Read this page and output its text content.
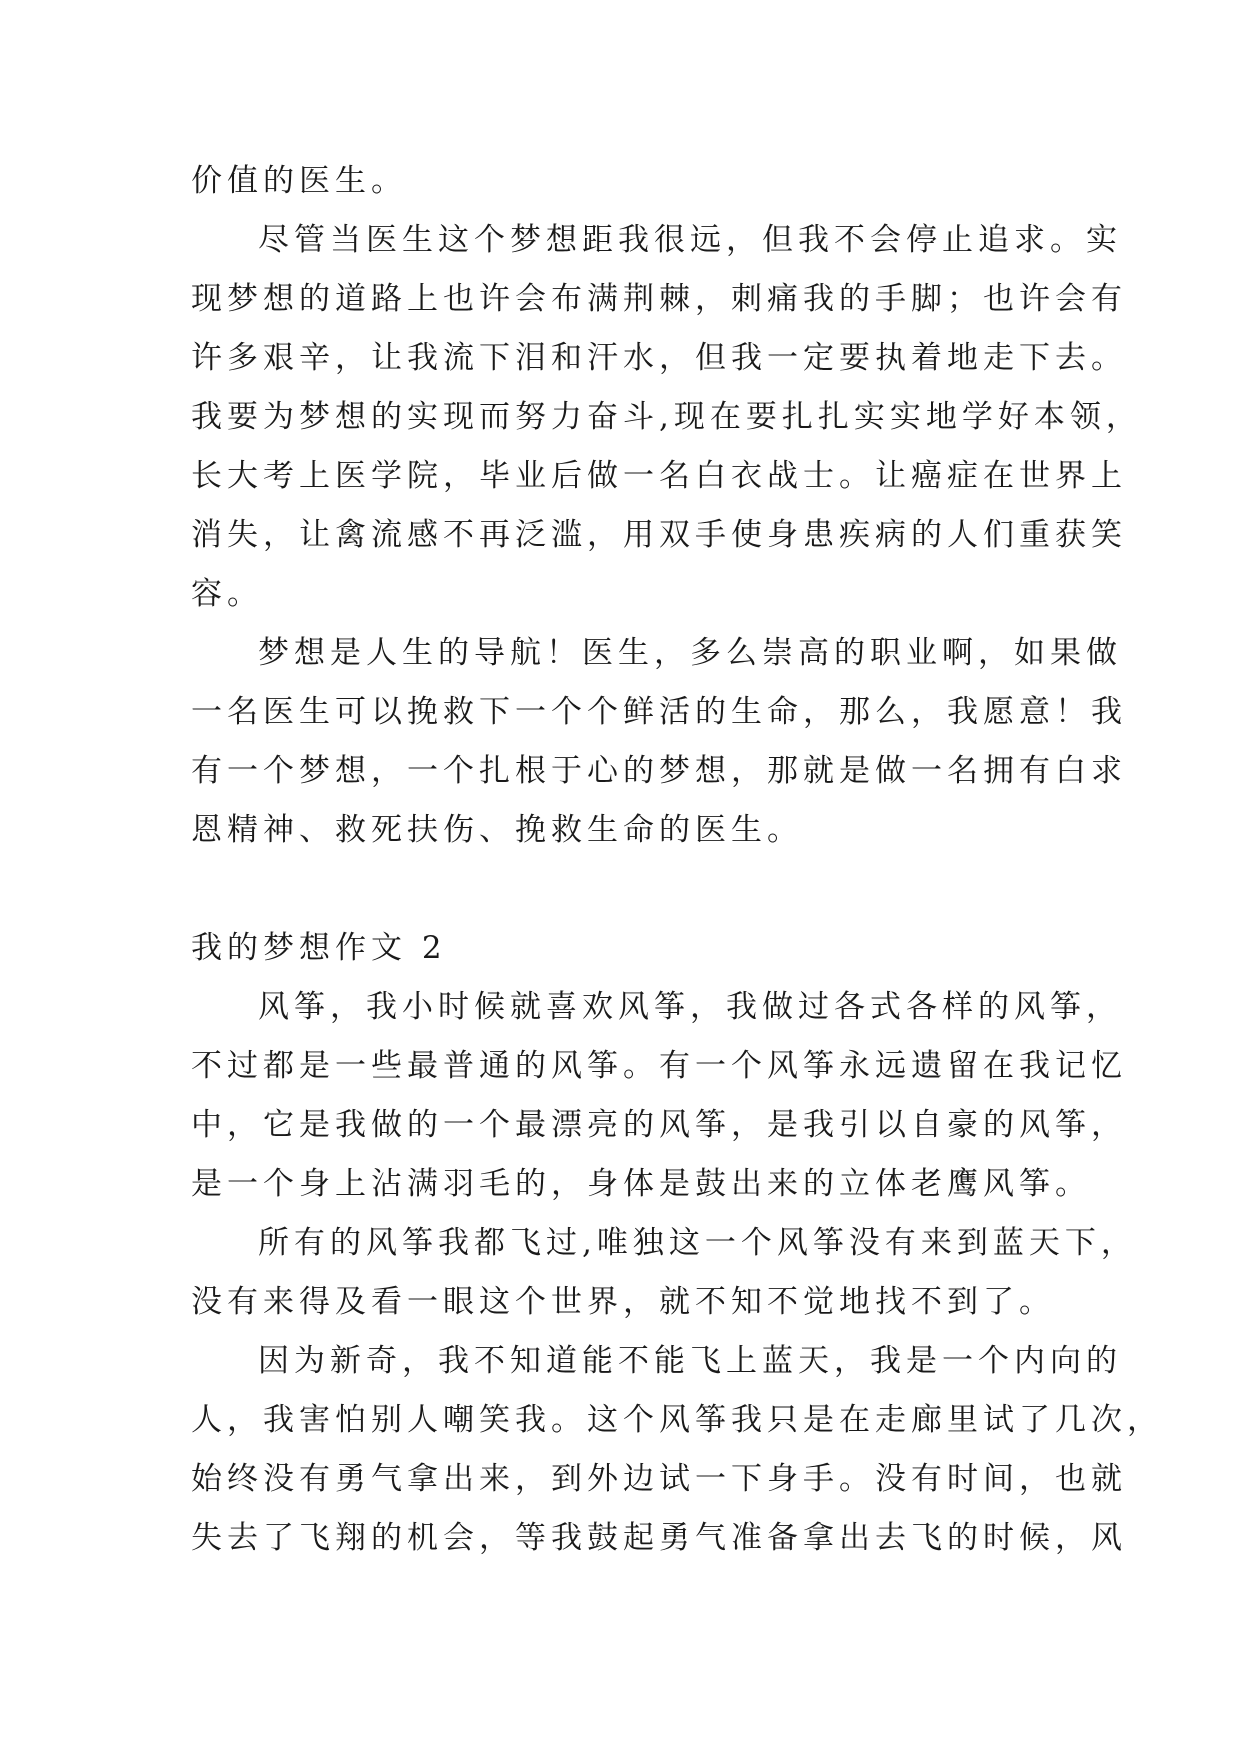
价值的医生。
尽管当医生这个梦想距我很远，但我不会停止追求。实
现梦想的道路上也许会布满荆棘，刺痛我的手脚；也许会有
许多艰辛，让我流下泪和汗水，但我一定要执着地走下去。
我要为梦想的实现而努力奋斗,现在要扎扎实实地学好本领，
长大考上医学院，毕业后做一名白衣战士。让癌症在世界上
消失，让禽流感不再泛滥，用双手使身患疾病的人们重获笑
容。
梦想是人生的导航！医生，多么崇高的职业啊，如果做
一名医生可以挽救下一个个鲜活的生命，那么，我愿意！我
有一个梦想，一个扎根于心的梦想，那就是做一名拥有白求
恩精神、救死扶伤、挽救生命的医生。
我的梦想作文 2
风筝，我小时候就喜欢风筝，我做过各式各样的风筝，
不过都是一些最普通的风筝。有一个风筝永远遗留在我记忆
中，它是我做的一个最漂亮的风筝，是我引以自豪的风筝，
是一个身上沾满羽毛的，身体是鼓出来的立体老鹰风筝。
所有的风筝我都飞过,唯独这一个风筝没有来到蓝天下，
没有来得及看一眼这个世界，就不知不觉地找不到了。
因为新奇，我不知道能不能飞上蓝天，我是一个内向的
人，我害怕别人嘲笑我。这个风筝我只是在走廊里试了几次，
始终没有勇气拿出来，到外边试一下身手。没有时间，也就
失去了飞翔的机会，等我鼓起勇气准备拿出去飞的时候，风
